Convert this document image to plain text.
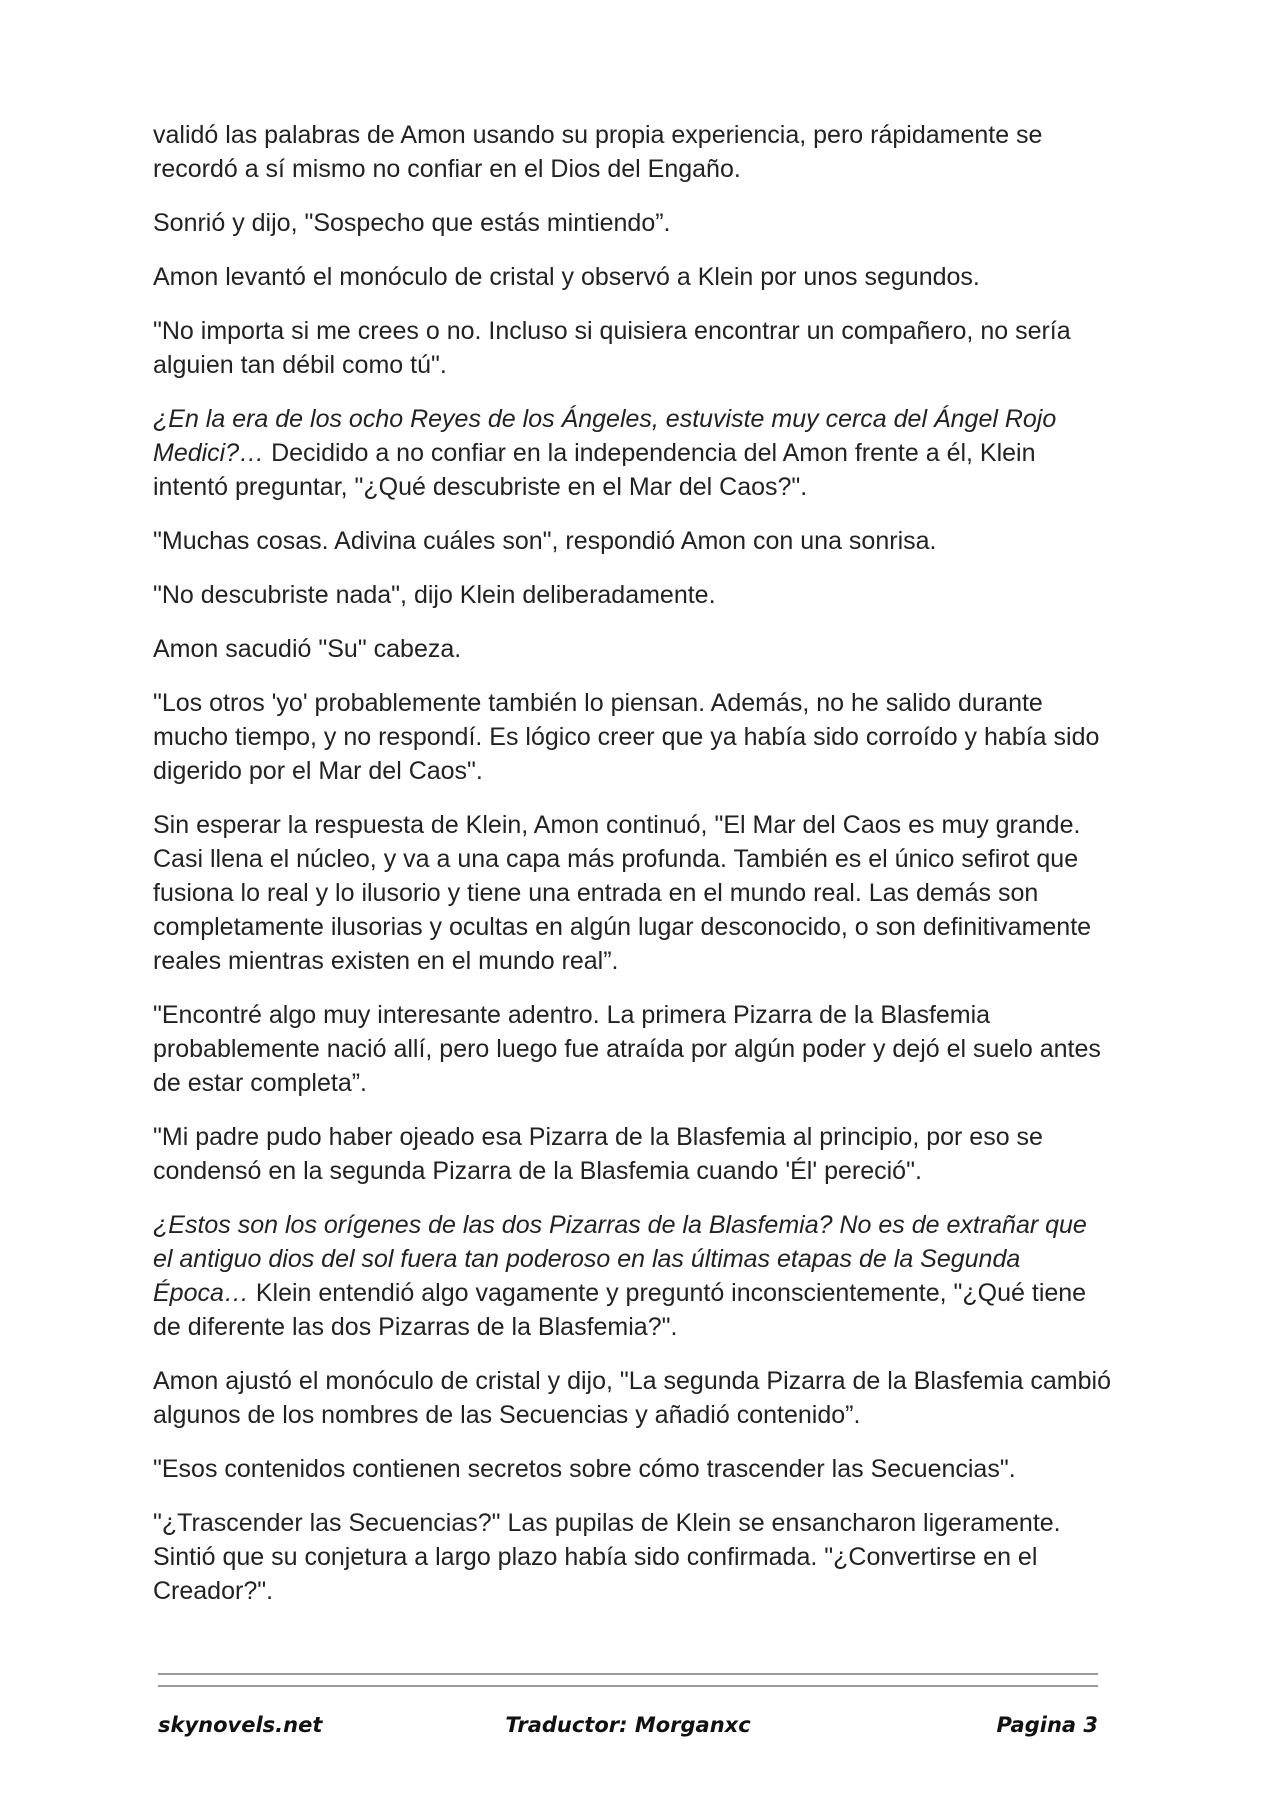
validó las palabras de Amon usando su propia experiencia, pero rápidamente se recordó a sí mismo no confiar en el Dios del Engaño.

Sonrió y dijo, "Sospecho que estás mintiendo”.

Amon levantó el monóculo de cristal y observó a Klein por unos segundos.

"No importa si me crees o no. Incluso si quisiera encontrar un compañero, no sería alguien tan débil como tú".

¿En la era de los ocho Reyes de los Ángeles, estuviste muy cerca del Ángel Rojo Medici?… Decidido a no confiar en la independencia del Amon frente a él, Klein intentó preguntar, "¿Qué descubriste en el Mar del Caos?".

"Muchas cosas. Adivina cuáles son", respondió Amon con una sonrisa.

"No descubriste nada", dijo Klein deliberadamente.

Amon sacudió "Su" cabeza.

"Los otros 'yo' probablemente también lo piensan. Además, no he salido durante mucho tiempo, y no respondí. Es lógico creer que ya había sido corroído y había sido digerido por el Mar del Caos".

Sin esperar la respuesta de Klein, Amon continuó, "El Mar del Caos es muy grande. Casi llena el núcleo, y va a una capa más profunda. También es el único sefirot que fusiona lo real y lo ilusorio y tiene una entrada en el mundo real. Las demás son completamente ilusorias y ocultas en algún lugar desconocido, o son definitivamente reales mientras existen en el mundo real”.

"Encontré algo muy interesante adentro. La primera Pizarra de la Blasfemia probablemente nació allí, pero luego fue atraída por algún poder y dejó el suelo antes de estar completa”.

"Mi padre pudo haber ojeado esa Pizarra de la Blasfemia al principio, por eso se condensó en la segunda Pizarra de la Blasfemia cuando 'Él' pereció".

¿Estos son los orígenes de las dos Pizarras de la Blasfemia? No es de extrañar que el antiguo dios del sol fuera tan poderoso en las últimas etapas de la Segunda Época… Klein entendió algo vagamente y preguntó inconscientemente, "¿Qué tiene de diferente las dos Pizarras de la Blasfemia?".

Amon ajustó el monóculo de cristal y dijo, "La segunda Pizarra de la Blasfemia cambió algunos de los nombres de las Secuencias y añadió contenido”.

"Esos contenidos contienen secretos sobre cómo trascender las Secuencias".

"¿Trascender las Secuencias?" Las pupilas de Klein se ensancharon ligeramente. Sintió que su conjetura a largo plazo había sido confirmada. "¿Convertirse en el Creador?".

skynovels.net	Traductor: Morganxc	Pagina 3
